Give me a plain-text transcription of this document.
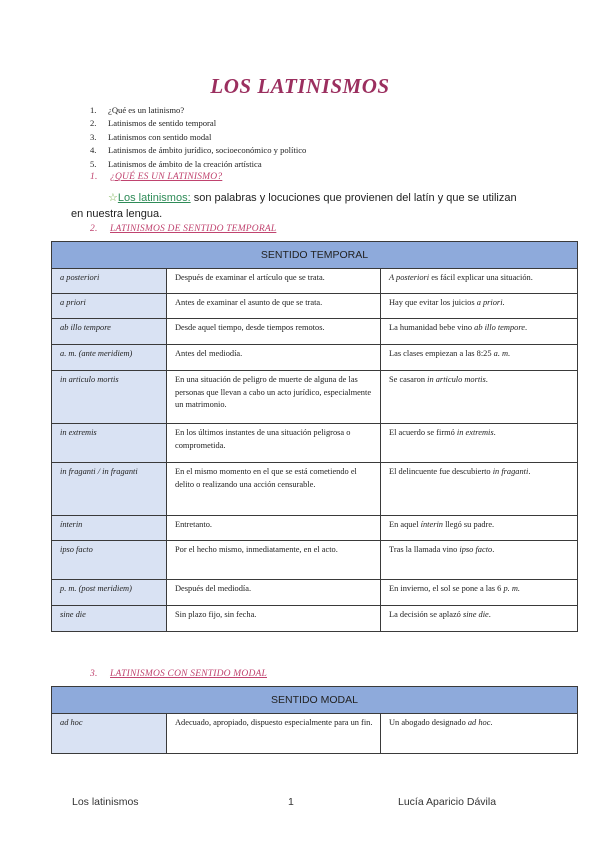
LOS LATINISMOS
1.	¿Qué es un latinismo?
2.	Latinismos de sentido temporal
3.	Latinismos con sentido modal
4.	Latinismos de ámbito jurídico, socioeconómico y político
5.	Latinismos de ámbito de la creación artística
1. ¿QUÉ ES UN LATINISMO?
☆Los latinismos: son palabras y locuciones que provienen del latín y que se utilizan
en nuestra lengua.
2. LATINISMOS DE SENTIDO TEMPORAL
SENTIDO TEMPORAL		
a posteriori	Después de examinar el artículo que se trata.	A posteriori es fácil explicar una situación.
a priori	Antes de examinar el asunto de que se trata.	Hay que evitar los juicios a priori.
ab illo tempore	Desde aquel tiempo, desde tiempos remotos.	La humanidad bebe vino ab illo tempore.
a. m. (ante meridiem)	Antes del mediodía.	Las clases empiezan a las 8:25 a. m.
in articulo mortis	En una situación de peligro de muerte de alguna de las personas que llevan a cabo un acto jurídico, especialmente un matrimonio.	Se casaron in articulo mortis.
in extremis	En los últimos instantes de una situación peligrosa o comprometida.	El acuerdo se firmó in extremis.
in fraganti / in fraganti	En el mismo momento en el que se está cometiendo el delito o realizando una acción censurable.	El delincuente fue descubierto in fraganti.
ínterin	Entretanto.	En aquel ínterin llegó su padre.
ipso facto	Por el hecho mismo, inmediatamente, en el acto.	Tras la llamada vino ipso facto.
p. m. (post meridiem)	Después del mediodía.	En invierno, el sol se pone a las 6 p. m.
sine die	Sin plazo fijo, sin fecha.	La decisión se aplazó sine die.
3. LATINISMOS CON SENTIDO MODAL
SENTIDO MODAL
ad hoc	Adecuado, apropiado, dispuesto especialmente para un fin.	Un abogado designado ad hoc.
Los latinismos	1	Lucía Aparicio Dávila
